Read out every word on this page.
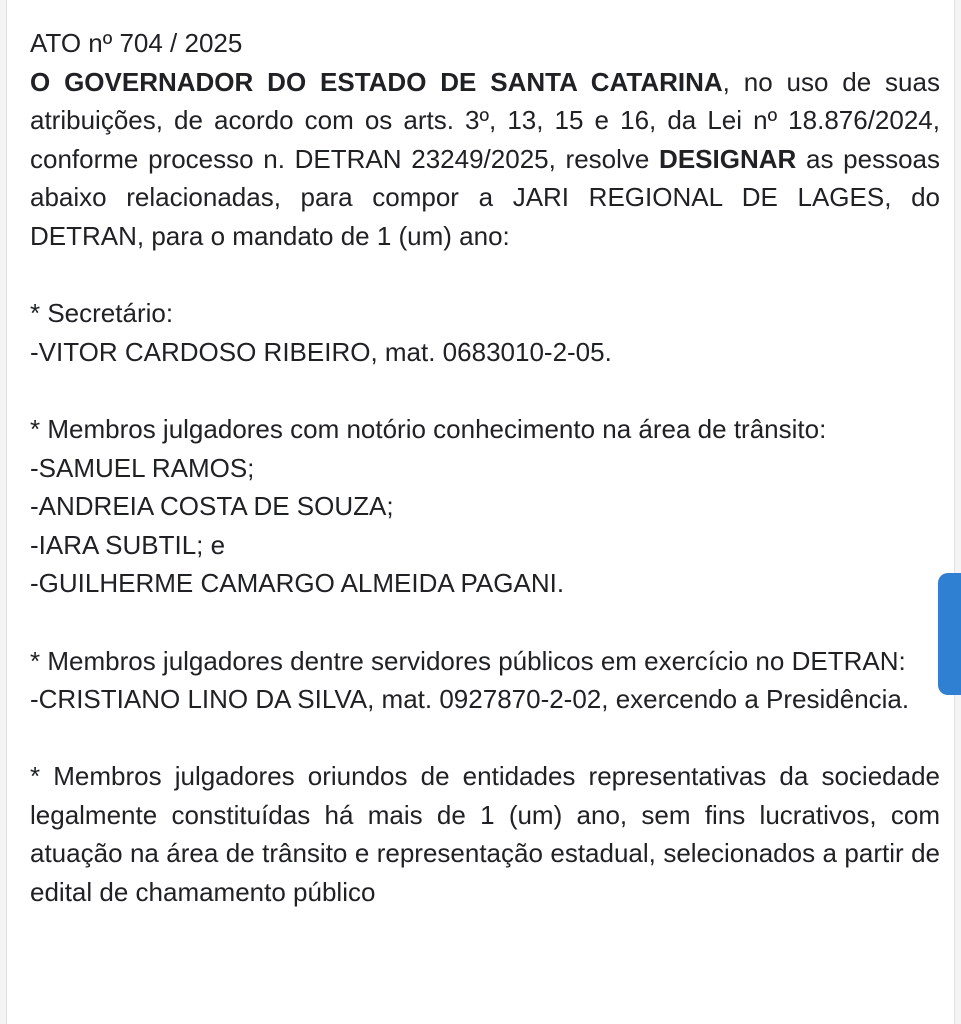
ATO nº 704 / 2025

O GOVERNADOR DO ESTADO DE SANTA CATARINA, no uso de suas atribuições, de acordo com os arts. 3º, 13, 15 e 16, da Lei nº 18.876/2024, conforme processo n. DETRAN 23249/2025, resolve DESIGNAR as pessoas abaixo relacionadas, para compor a JARI REGIONAL DE LAGES, do DETRAN, para o mandato de 1 (um) ano:

* Secretário:

-VITOR CARDOSO RIBEIRO, mat. 0683010-2-05.

* Membros julgadores com notório conhecimento na área de trânsito:

-SAMUEL RAMOS;

-ANDREIA COSTA DE SOUZA;

-IARA SUBTIL; e

-GUILHERME CAMARGO ALMEIDA PAGANI.

* Membros julgadores dentre servidores públicos em exercício no DETRAN:

-CRISTIANO LINO DA SILVA, mat. 0927870-2-02, exercendo a Presidência.

* Membros julgadores oriundos de entidades representativas da sociedade legalmente constituídas há mais de 1 (um) ano, sem fins lucrativos, com atuação na área de trânsito e representação estadual, selecionados a partir de edital de chamamento público
